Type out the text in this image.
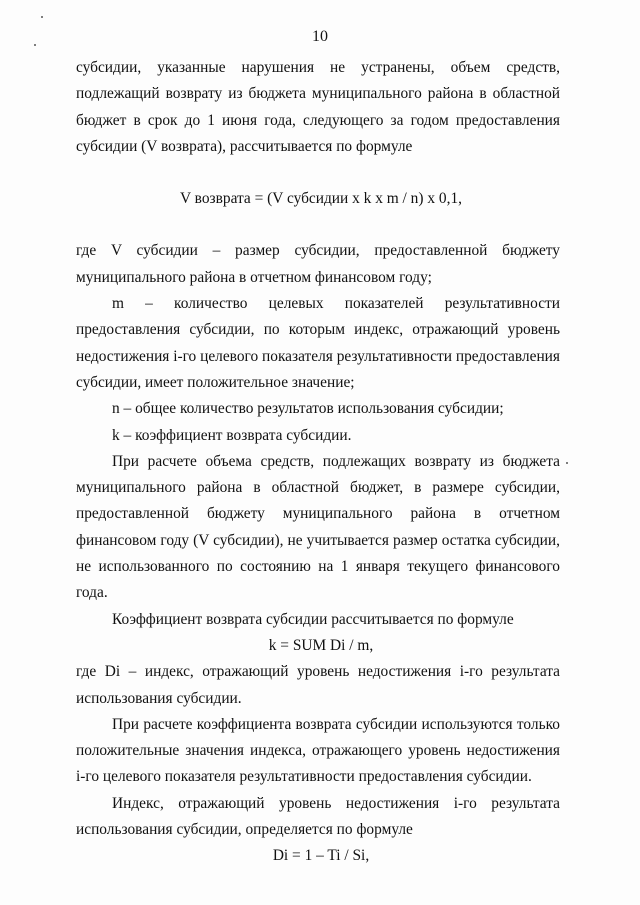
10

субсидии, указанные нарушения не устранены, объем средств, подлежащий возврату из бюджета муниципального района в областной бюджет в срок до 1 июня года, следующего за годом предоставления субсидии (V возврата), рассчитывается по формуле

V возврата = (V субсидии x k x m / n) x 0,1,

где V субсидии – размер субсидии, предоставленной бюджету муниципального района в отчетном финансовом году;

m – количество целевых показателей результативности предоставления субсидии, по которым индекс, отражающий уровень недостижения i-го целевого показателя результативности предоставления субсидии, имеет положительное значение;

n – общее количество результатов использования субсидии;

k – коэффициент возврата субсидии.

При расчете объема средств, подлежащих возврату из бюджета муниципального района в областной бюджет, в размере субсидии, предоставленной бюджету муниципального района в отчетном финансовом году (V субсидии), не учитывается размер остатка субсидии, не использованного по состоянию на 1 января текущего финансового года.

Коэффициент возврата субсидии рассчитывается по формуле

k = SUM Di / m,

где Di – индекс, отражающий уровень недостижения i-го результата использования субсидии.

При расчете коэффициента возврата субсидии используются только положительные значения индекса, отражающего уровень недостижения i-го целевого показателя результативности предоставления субсидии.

Индекс, отражающий уровень недостижения i-го результата использования субсидии, определяется по формуле

Di = 1 – Ti / Si,
